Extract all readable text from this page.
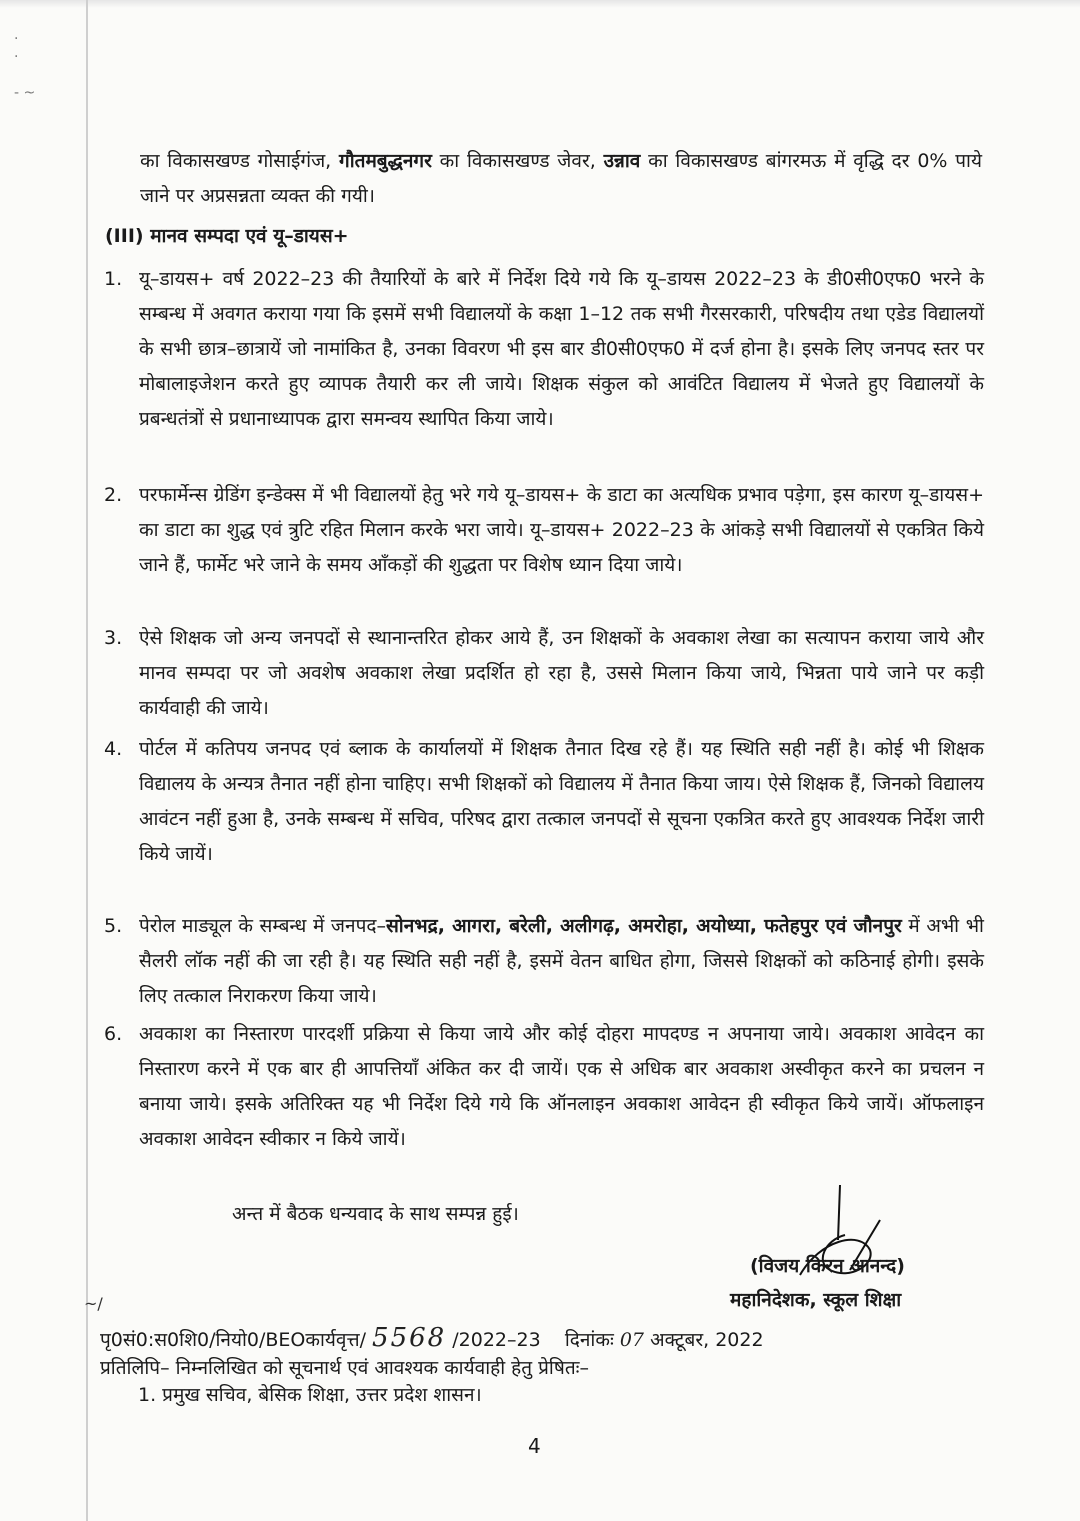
·
·

- ~

का विकासखण्ड गोसाईगंज, गौतमबुद्धनगर का विकासखण्ड जेवर, उन्नाव का विकासखण्ड बांगरमऊ में वृद्धि दर 0% पाये जाने पर अप्रसन्नता व्यक्त की गयी।

(III) मानव सम्पदा एवं यू–डायस+

1. यू–डायस+ वर्ष 2022–23 की तैयारियों के बारे में निर्देश दिये गये कि यू–डायस 2022–23 के डी0सी0एफ0 भरने के सम्बन्ध में अवगत कराया गया कि इसमें सभी विद्यालयों के कक्षा 1–12 तक सभी गैरसरकारी, परिषदीय तथा एडेड विद्यालयों के सभी छात्र–छात्रायें जो नामांकित है, उनका विवरण भी इस बार डी0सी0एफ0 में दर्ज होना है। इसके लिए जनपद स्तर पर मोबालाइजेशन करते हुए व्यापक तैयारी कर ली जाये। शिक्षक संकुल को आवंटित विद्यालय में भेजते हुए विद्यालयों के प्रबन्धतंत्रों से प्रधानाध्यापक द्वारा समन्वय स्थापित किया जाये।

2. परफार्मेन्स ग्रेडिंग इन्डेक्स में भी विद्यालयों हेतु भरे गये यू–डायस+ के डाटा का अत्यधिक प्रभाव पड़ेगा, इस कारण यू–डायस+ का डाटा का शुद्ध एवं त्रुटि रहित मिलान करके भरा जाये। यू–डायस+ 2022–23 के आंकड़े सभी विद्यालयों से एकत्रित किये जाने हैं, फार्मेट भरे जाने के समय आँकड़ों की शुद्धता पर विशेष ध्यान दिया जाये।

3. ऐसे शिक्षक जो अन्य जनपदों से स्थानान्तरित होकर आये हैं, उन शिक्षकों के अवकाश लेखा का सत्यापन कराया जाये और मानव सम्पदा पर जो अवशेष अवकाश लेखा प्रदर्शित हो रहा है, उससे मिलान किया जाये, भिन्नता पाये जाने पर कड़ी कार्यवाही की जाये।

4. पोर्टल में कतिपय जनपद एवं ब्लाक के कार्यालयों में शिक्षक तैनात दिख रहे हैं। यह स्थिति सही नहीं है। कोई भी शिक्षक विद्यालय के अन्यत्र तैनात नहीं होना चाहिए। सभी शिक्षकों को विद्यालय में तैनात किया जाय। ऐसे शिक्षक हैं, जिनको विद्यालय आवंटन नहीं हुआ है, उनके सम्बन्ध में सचिव, परिषद द्वारा तत्काल जनपदों से सूचना एकत्रित करते हुए आवश्यक निर्देश जारी किये जायें।

5. पेरोल माड्यूल के सम्बन्ध में जनपद–सोनभद्र, आगरा, बरेली, अलीगढ़, अमरोहा, अयोध्या, फतेहपुर एवं जौनपुर में अभी भी सैलरी लॉक नहीं की जा रही है। यह स्थिति सही नहीं है, इसमें वेतन बाधित होगा, जिससे शिक्षकों को कठिनाई होगी। इसके लिए तत्काल निराकरण किया जाये।

6. अवकाश का निस्तारण पारदर्शी प्रक्रिया से किया जाये और कोई दोहरा मापदण्ड न अपनाया जाये। अवकाश आवेदन का निस्तारण करने में एक बार ही आपत्तियाँ अंकित कर दी जायें। एक से अधिक बार अवकाश अस्वीकृत करने का प्रचलन न बनाया जाये। इसके अतिरिक्त यह भी निर्देश दिये गये कि ऑनलाइन अवकाश आवेदन ही स्वीकृत किये जायें। ऑफलाइन अवकाश आवेदन स्वीकार न किये जायें।

अन्त में बैठक धन्यवाद के साथ सम्पन्न हुई।
(विजय किरन आनन्द)
महानिदेशक, स्कूल शिक्षा
~/
पृ0सं0:स0शि0/नियो0/BEOकार्यवृत्त/ 5568 /2022–23 दिनांकः 07 अक्टूबर, 2022
प्रतिलिपि– निम्नलिखित को सूचनार्थ एवं आवश्यक कार्यवाही हेतु प्रेषितः–
1. प्रमुख सचिव, बेसिक शिक्षा, उत्तर प्रदेश शासन।
4
